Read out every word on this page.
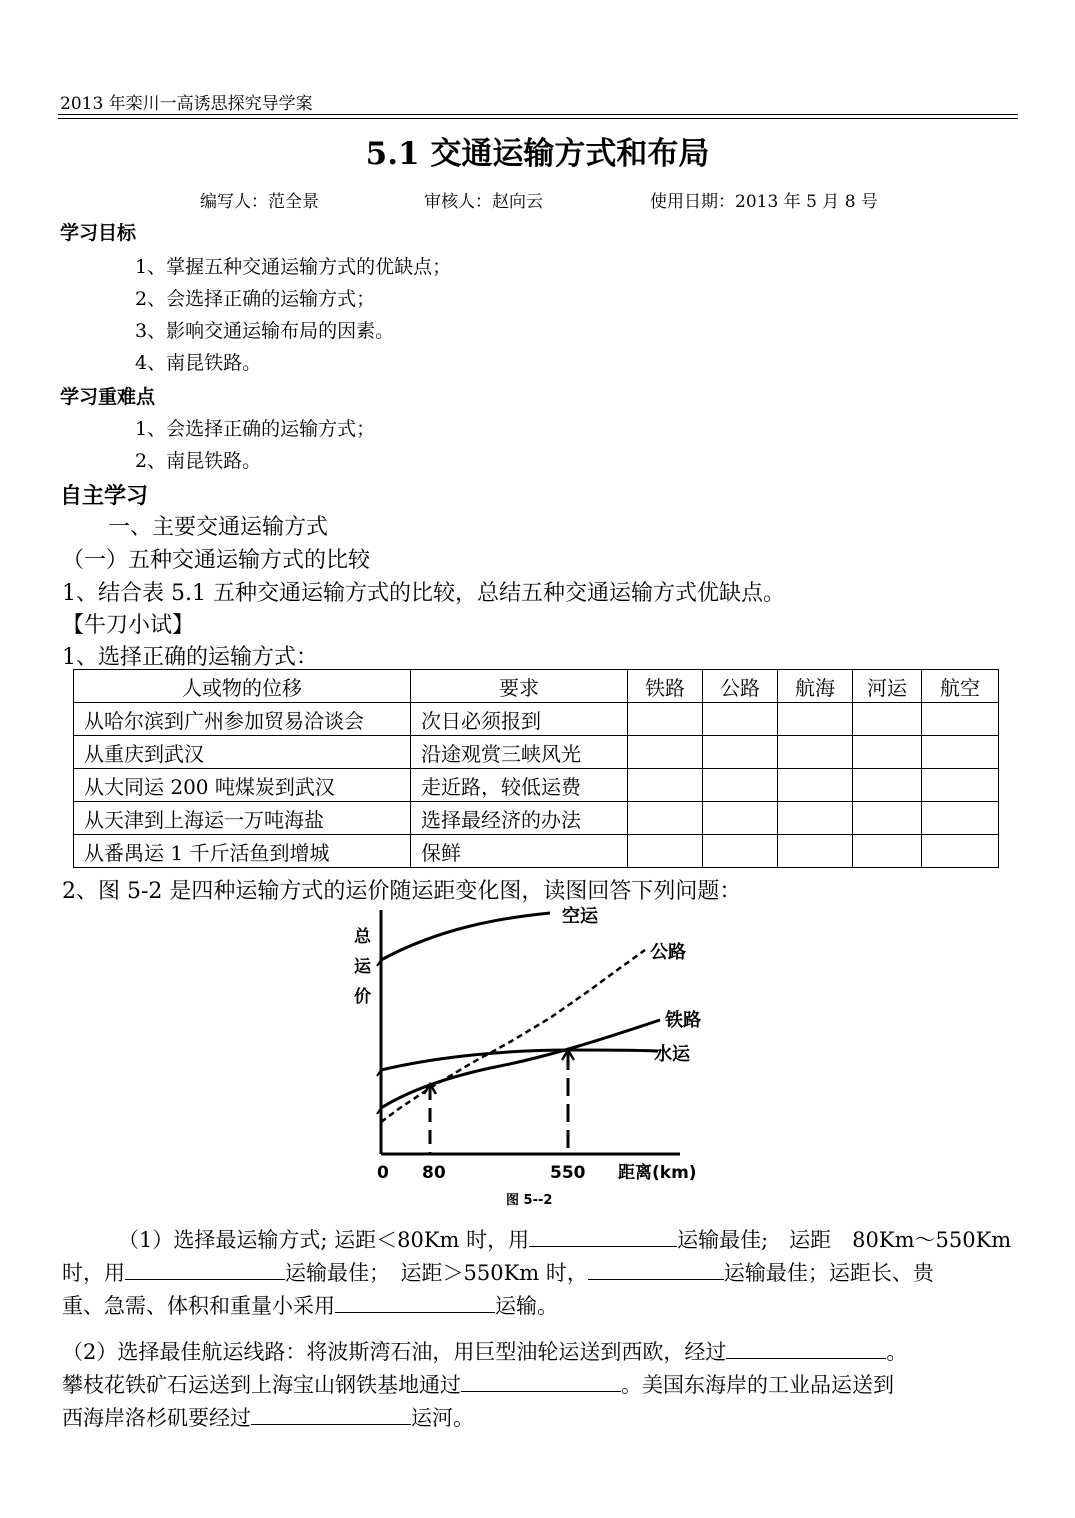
2013 年栾川一高诱思探究导学案
5.1 交通运输方式和布局
编写人：范全景	审核人：赵向云	使用日期：2013 年 5 月 8 号
学习目标
1、掌握五种交通运输方式的优缺点；
2、会选择正确的运输方式；
3、影响交通运输布局的因素。
4、南昆铁路。
学习重难点
1、会选择正确的运输方式；
2、南昆铁路。
自主学习
一、主要交通运输方式
（一）五种交通运输方式的比较
1、结合表 5.1 五种交通运输方式的比较，总结五种交通运输方式优缺点。
【牛刀小试】
1、选择正确的运输方式：
人或物的位移	要求	铁路	公路	航海	河运	航空
从哈尔滨到广州参加贸易洽谈会	次日必须报到					
从重庆到武汉	沿途观赏三峡风光					
从大同运 200 吨煤炭到武汉	走近路，较低运费					
从天津到上海运一万吨海盐	选择最经济的办法					
从番禺运 1 千斤活鱼到增城	保鲜					
2、图 5-2 是四种运输方式的运价随运距变化图，读图回答下列问题：
总
运
价
空运
公路
铁路
水运
0 80	550 距离(km)
图 5--2
（1）选择最运输方式; 运距＜80Km 时，用	运输最佳;　运距　80Km～550Km
时，用	运输最佳；　运距＞550Km 时，	运输最佳；运距长、贵
重、急需、体积和重量小采用	运输。
（2）选择最佳航运线路：将波斯湾石油，用巨型油轮运送到西欧，经过	。
攀枝花铁矿石运送到上海宝山钢铁基地通过	。美国东海岸的工业品运送到
西海岸洛杉矶要经过	运河。
